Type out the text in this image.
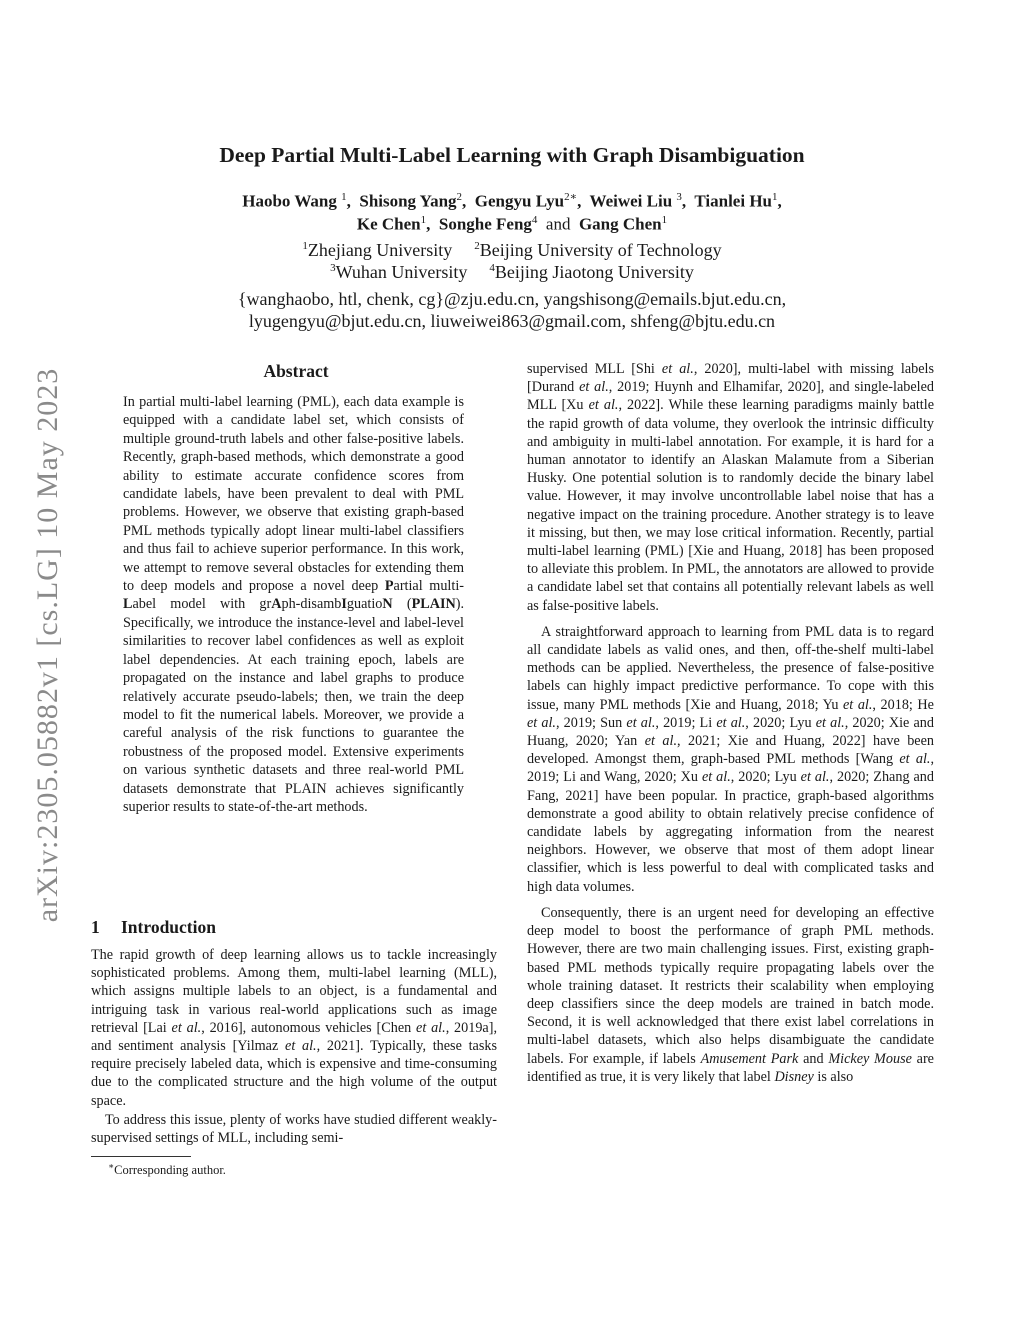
arXiv:2305.05882v1 [cs.LG] 10 May 2023
Deep Partial Multi-Label Learning with Graph Disambiguation
Haobo Wang $^1$,  Shisong Yang$^2$,  Gengyu Lyu$^{2∗}$,  Weiwei Liu $^3$,  Tianlei Hu$^1$,
Ke Chen$^1$,  Songhe Feng$^4$ and Gang Chen$^1$
$^1$Zhejiang University $^2$Beijing University of Technology
$^3$Wuhan University $^4$Beijing Jiaotong University
{wanghaobo, htl, chenk, cg}@zju.edu.cn, yangshisong@emails.bjut.edu.cn,
lyugengyu@bjut.edu.cn, liuweiwei863@gmail.com, shfeng@bjtu.edu.cn
Abstract
In partial multi-label learning (PML), each data example is equipped with a candidate label set, which consists of multiple ground-truth labels and other false-positive labels. Recently, graph-based methods, which demonstrate a good ability to estimate accurate confidence scores from candidate labels, have been prevalent to deal with PML problems. However, we observe that existing graph-based PML methods typically adopt linear multi-label classifiers and thus fail to achieve superior performance. In this work, we attempt to remove several obstacles for extending them to deep models and propose a novel deep Partial multi-Label model with grAph-disambIguatioN (PLAIN). Specifically, we introduce the instance-level and label-level similarities to recover label confidences as well as exploit label dependencies. At each training epoch, labels are propagated on the instance and label graphs to produce relatively accurate pseudo-labels; then, we train the deep model to fit the numerical labels. Moreover, we provide a careful analysis of the risk functions to guarantee the robustness of the proposed model. Extensive experiments on various synthetic datasets and three real-world PML datasets demonstrate that PLAIN achieves significantly superior results to state-of-the-art methods.
1 Introduction

The rapid growth of deep learning allows us to tackle increasingly sophisticated problems. Among them, multi-label learning (MLL), which assigns multiple labels to an object, is a fundamental and intriguing task in various real-world applications such as image retrieval [Lai et al., 2016], autonomous vehicles [Chen et al., 2019a], and sentiment analysis [Yilmaz et al., 2021]. Typically, these tasks require precisely labeled data, which is expensive and time-consuming due to the complicated structure and the high volume of the output space.

To address this issue, plenty of works have studied different weakly-supervised settings of MLL, including semi-

∗Corresponding author.

supervised MLL [Shi et al., 2020], multi-label with missing labels [Durand et al., 2019; Huynh and Elhamifar, 2020], and single-labeled MLL [Xu et al., 2022]. While these learning paradigms mainly battle the rapid growth of data volume, they overlook the intrinsic difficulty and ambiguity in multi-label annotation. For example, it is hard for a human annotator to identify an Alaskan Malamute from a Siberian Husky. One potential solution is to randomly decide the binary label value. However, it may involve uncontrollable label noise that has a negative impact on the training procedure. Another strategy is to leave it missing, but then, we may lose critical information. Recently, partial multi-label learning (PML) [Xie and Huang, 2018] has been proposed to alleviate this problem. In PML, the annotators are allowed to provide a candidate label set that contains all potentially relevant labels as well as false-positive labels.

A straightforward approach to learning from PML data is to regard all candidate labels as valid ones, and then, off-the-shelf multi-label methods can be applied. Nevertheless, the presence of false-positive labels can highly impact predictive performance. To cope with this issue, many PML methods [Xie and Huang, 2018; Yu et al., 2018; He et al., 2019; Sun et al., 2019; Li et al., 2020; Lyu et al., 2020; Xie and Huang, 2020; Yan et al., 2021; Xie and Huang, 2022] have been developed. Amongst them, graph-based PML methods [Wang et al., 2019; Li and Wang, 2020; Xu et al., 2020; Lyu et al., 2020; Zhang and Fang, 2021] have been popular. In practice, graph-based algorithms demonstrate a good ability to obtain relatively precise confidence of candidate labels by aggregating information from the nearest neighbors. However, we observe that most of them adopt linear classifier, which is less powerful to deal with complicated tasks and high data volumes.

Consequently, there is an urgent need for developing an effective deep model to boost the performance of graph PML methods. However, there are two main challenging issues. First, existing graph-based PML methods typically require propagating labels over the whole training dataset. It restricts their scalability when employing deep classifiers since the deep models are trained in batch mode. Second, it is well acknowledged that there exist label correlations in multi-label datasets, which also helps disambiguate the candidate labels. For example, if labels Amusement Park and Mickey Mouse are identified as true, it is very likely that label Disney is also
